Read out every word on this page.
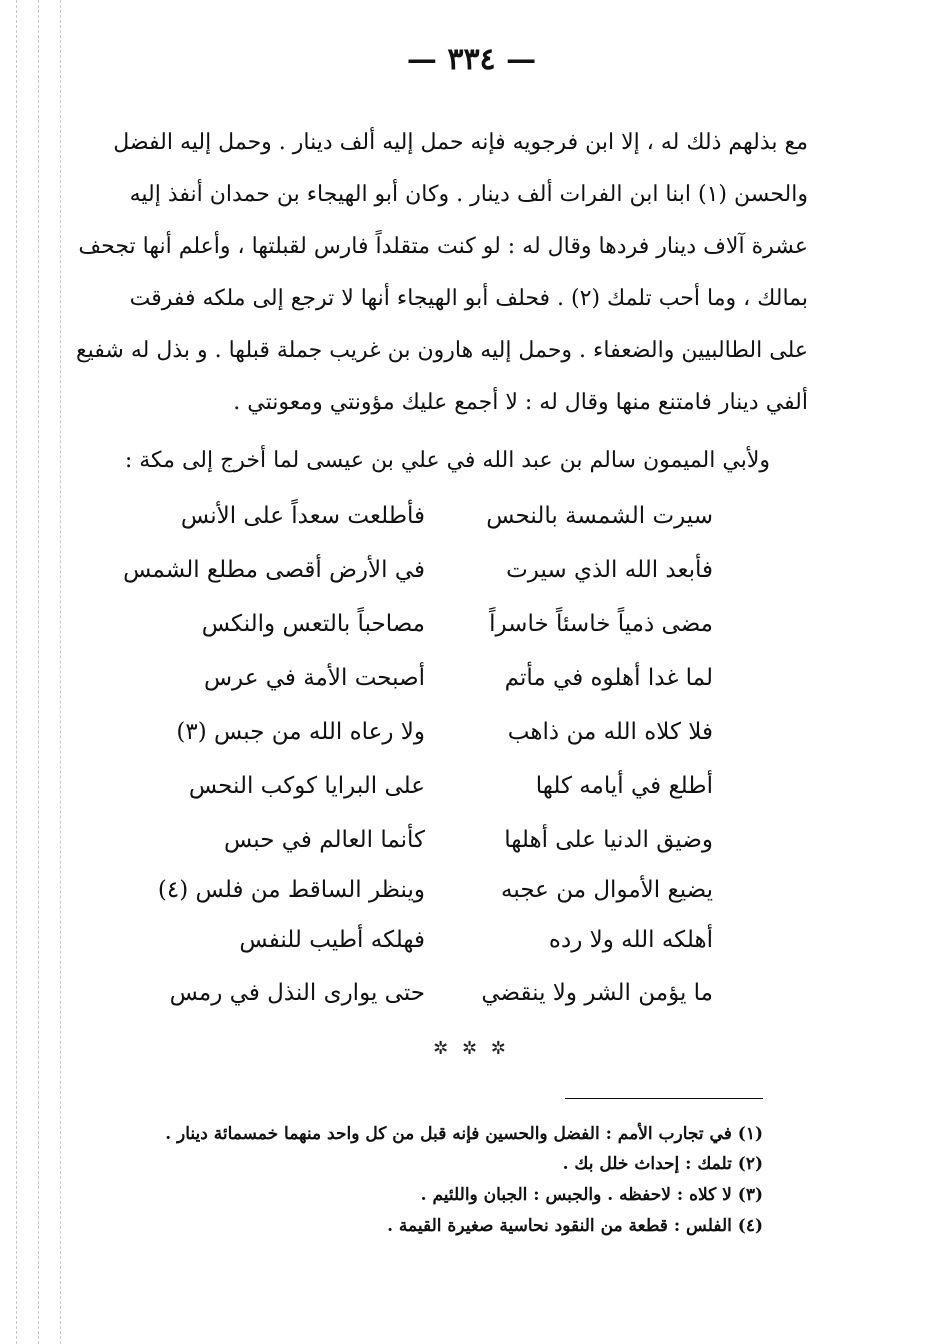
— ٣٣٤ —
مع بذلهم ذلك له ، إلا ابن فرجويه فإنه حمل إليه ألف دينار . وحمل إليه الفضل
والحسن (١) ابنا ابن الفرات ألف دينار . وكان أبو الهيجاء بن حمدان أنفذ إليه
عشرة آلاف دينار فردها وقال له : لو كنت متقلداً فارس لقبلتها ، وأعلم أنها تجحف
بمالك ، وما أحب تلمك (٢) . فحلف أبو الهيجاء أنها لا ترجع إلى ملكه ففرقت
على الطالبيين والضعفاء . وحمل إليه هارون بن غريب جملة قبلها . و بذل له شفيع
ألفي دينار فامتنع منها وقال له : لا أجمع عليك مؤونتي ومعونتي .
ولأبي الميمون سالم بن عبد الله في علي بن عيسى لما أخرج إلى مكة :
سيرت الشمسة بالنحس
فأطلعت سعداً على الأنس
فأبعد الله الذي سيرت
في الأرض أقصى مطلع الشمس
مضى ذمياً خاسئاً خاسراً
مصاحباً بالتعس والنكس
لما غدا أهلوه في مأتم
أصبحت الأمة في عرس
فلا كلاه الله من ذاهب
ولا رعاه الله من جبس (٣)
أطلع في أيامه كلها
على البرايا كوكب النحس
وضيق الدنيا على أهلها
كأنما العالم في حبس
يضيع الأموال من عجبه
وينظر الساقط من فلس (٤)
أهلكه الله ولا رده
فهلكه أطيب للنفس
ما يؤمن الشر ولا ينقضي
حتى يوارى النذل في رمس
✲ ✲ ✲
(١) في تجارب الأمم : الفضل والحسين فإنه قبل من كل واحد منهما خمسمائة دينار .
(٢) تلمك : إحداث خلل بك .
(٣) لا كلاه : لاحفظه . والجبس : الجبان واللئيم .
(٤) الفلس : قطعة من النقود نحاسية صغيرة القيمة .
